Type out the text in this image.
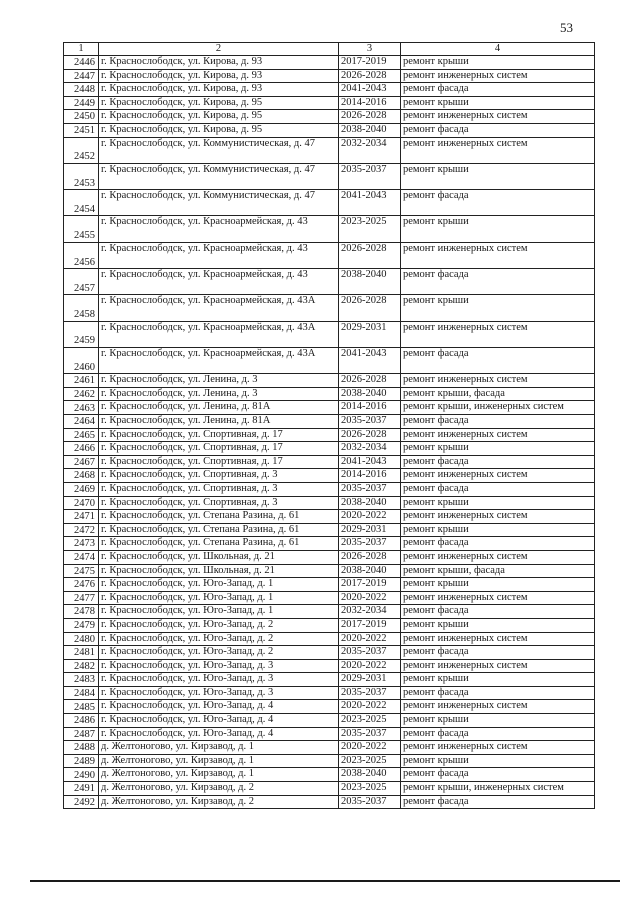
53
1	2	3	4
2446	г. Краснослободск, ул. Кирова, д. 93	2017-2019	ремонт крыши
2447	г. Краснослободск, ул. Кирова, д. 93	2026-2028	ремонт инженерных систем
2448	г. Краснослободск, ул. Кирова, д. 93	2041-2043	ремонт фасада
2449	г. Краснослободск, ул. Кирова, д. 95	2014-2016	ремонт крыши
2450	г. Краснослободск, ул. Кирова, д. 95	2026-2028	ремонт инженерных систем
2451	г. Краснослободск, ул. Кирова, д. 95	2038-2040	ремонт фасада
2452	г. Краснослободск, ул. Коммунистическая, д. 47	2032-2034	ремонт инженерных систем
2453	г. Краснослободск, ул. Коммунистическая, д. 47	2035-2037	ремонт крыши
2454	г. Краснослободск, ул. Коммунистическая, д. 47	2041-2043	ремонт фасада
2455	г. Краснослободск, ул. Красноармейская, д. 43	2023-2025	ремонт крыши
2456	г. Краснослободск, ул. Красноармейская, д. 43	2026-2028	ремонт инженерных систем
2457	г. Краснослободск, ул. Красноармейская, д. 43	2038-2040	ремонт фасада
2458	г. Краснослободск, ул. Красноармейская, д. 43А	2026-2028	ремонт крыши
2459	г. Краснослободск, ул. Красноармейская, д. 43А	2029-2031	ремонт инженерных систем
2460	г. Краснослободск, ул. Красноармейская, д. 43А	2041-2043	ремонт фасада
2461	г. Краснослободск, ул. Ленина, д. 3	2026-2028	ремонт инженерных систем
2462	г. Краснослободск, ул. Ленина, д. 3	2038-2040	ремонт крыши, фасада
2463	г. Краснослободск, ул. Ленина, д. 81А	2014-2016	ремонт крыши, инженерных систем
2464	г. Краснослободск, ул. Ленина, д. 81А	2035-2037	ремонт фасада
2465	г. Краснослободск, ул. Спортивная, д. 17	2026-2028	ремонт инженерных систем
2466	г. Краснослободск, ул. Спортивная, д. 17	2032-2034	ремонт крыши
2467	г. Краснослободск, ул. Спортивная, д. 17	2041-2043	ремонт фасада
2468	г. Краснослободск, ул. Спортивная, д. 3	2014-2016	ремонт инженерных систем
2469	г. Краснослободск, ул. Спортивная, д. 3	2035-2037	ремонт фасада
2470	г. Краснослободск, ул. Спортивная, д. 3	2038-2040	ремонт крыши
2471	г. Краснослободск, ул. Степана Разина, д. 61	2020-2022	ремонт инженерных систем
2472	г. Краснослободск, ул. Степана Разина, д. 61	2029-2031	ремонт крыши
2473	г. Краснослободск, ул. Степана Разина, д. 61	2035-2037	ремонт фасада
2474	г. Краснослободск, ул. Школьная, д. 21	2026-2028	ремонт инженерных систем
2475	г. Краснослободск, ул. Школьная, д. 21	2038-2040	ремонт крыши, фасада
2476	г. Краснослободск, ул. Юго-Запад, д. 1	2017-2019	ремонт крыши
2477	г. Краснослободск, ул. Юго-Запад, д. 1	2020-2022	ремонт инженерных систем
2478	г. Краснослободск, ул. Юго-Запад, д. 1	2032-2034	ремонт фасада
2479	г. Краснослободск, ул. Юго-Запад, д. 2	2017-2019	ремонт крыши
2480	г. Краснослободск, ул. Юго-Запад, д. 2	2020-2022	ремонт инженерных систем
2481	г. Краснослободск, ул. Юго-Запад, д. 2	2035-2037	ремонт фасада
2482	г. Краснослободск, ул. Юго-Запад, д. 3	2020-2022	ремонт инженерных систем
2483	г. Краснослободск, ул. Юго-Запад, д. 3	2029-2031	ремонт крыши
2484	г. Краснослободск, ул. Юго-Запад, д. 3	2035-2037	ремонт фасада
2485	г. Краснослободск, ул. Юго-Запад, д. 4	2020-2022	ремонт инженерных систем
2486	г. Краснослободск, ул. Юго-Запад, д. 4	2023-2025	ремонт крыши
2487	г. Краснослободск, ул. Юго-Запад, д. 4	2035-2037	ремонт фасада
2488	д. Желтоногово, ул. Кирзавод, д. 1	2020-2022	ремонт инженерных систем
2489	д. Желтоногово, ул. Кирзавод, д. 1	2023-2025	ремонт крыши
2490	д. Желтоногово, ул. Кирзавод, д. 1	2038-2040	ремонт фасада
2491	д. Желтоногово, ул. Кирзавод, д. 2	2023-2025	ремонт крыши, инженерных систем
2492	д. Желтоногово, ул. Кирзавод, д. 2	2035-2037	ремонт фасада
